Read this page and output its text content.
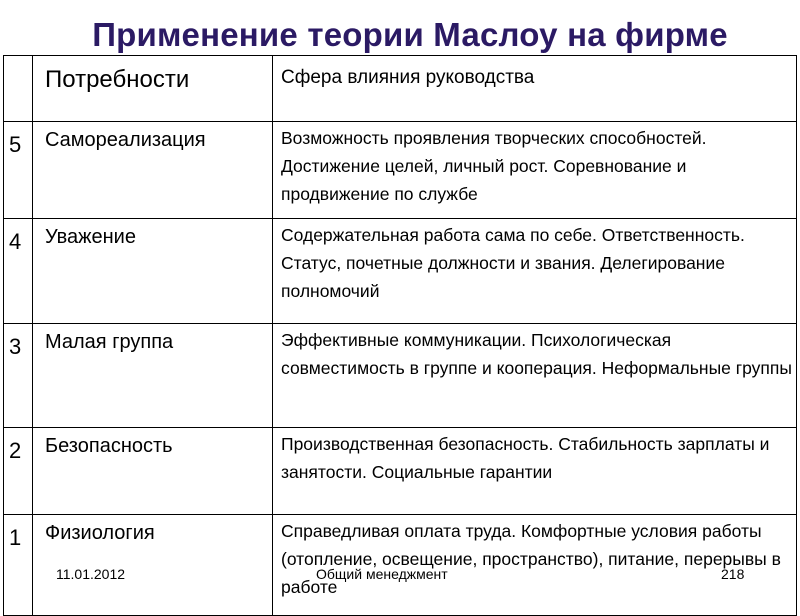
Применение теории Маслоу на фирме

	Потребности	Сфера влияния руководства

5	Самореализация	Возможность проявления творческих способностей. Достижение целей, личный рост. Соревнование и продвижение по службе

4	Уважение	Содержательная работа сама по себе. Ответственность. Статус, почетные должности и звания. Делегирование полномочий

3	Малая группа	Эффективные коммуникации. Психологическая совместимость в группе и кооперация. Неформальные группы

2	Безопасность	Производственная безопасность. Стабильность зарплаты и занятости. Социальные гарантии

1	Физиология	Справедливая оплата труда. Комфортные условия работы (отопление, освещение, пространство), питание, перерывы в работе
11.01.2012	Общий менеджмент	218
